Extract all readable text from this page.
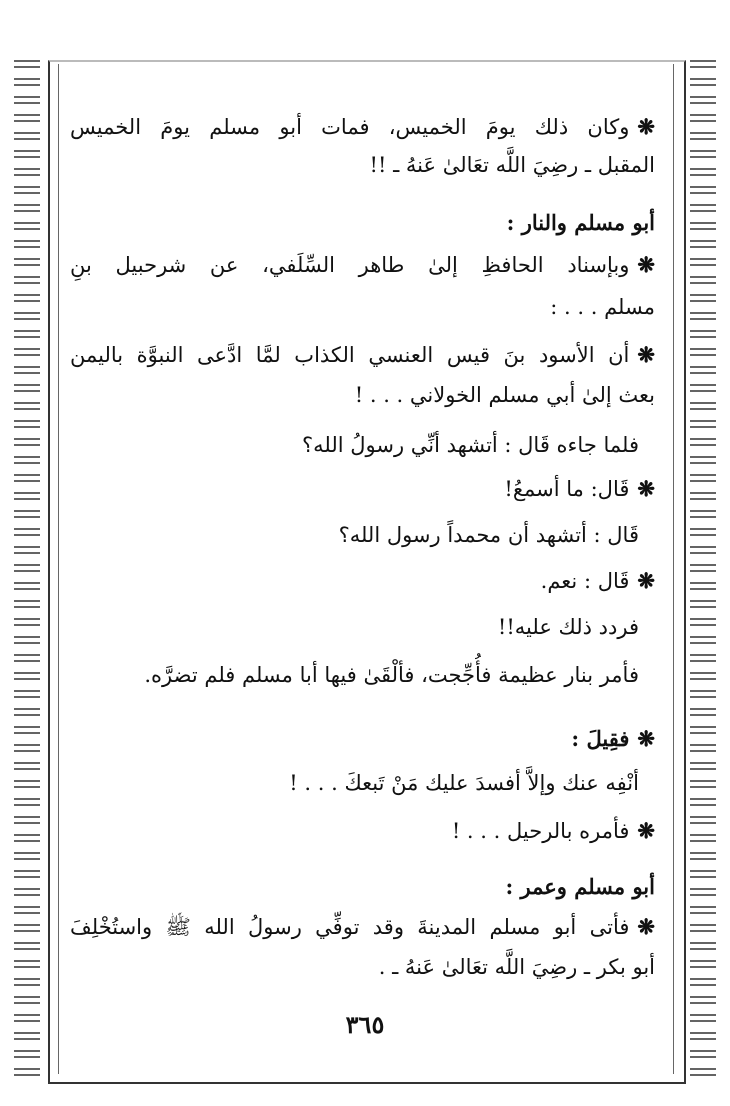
❋وكان ذلك يومَ الخميس، فمات أبو مسلم يومَ الخميس
المقبل ـ رضِيَ اللَّه تعَالىٰ عَنهُ ـ !!
أبو مسلم والنار :
❋وبإسناد الحافظِ إلىٰ طاهر السِّلَفي، عن شرحبيل بنِ
مسلم . . . :
❋أن الأسود بنَ قيس العنسي الكذاب لمَّا ادَّعى النبوَّة باليمن
بعث إلىٰ أبي مسلم الخولاني . . . !
فلما جاءه قَال : أتشهد أنِّي رسولُ الله؟
❋قَال: ما أسمعُ!
قَال : أتشهد أن محمداً رسول الله؟
❋قَال : نعم.
فردد ذلك عليه!!
فأمر بنار عظيمة فأُجِّجت، فألْقَىٰ فيها أبا مسلم فلم تضرَّه.
❋فقِيلَ :
أنْفِه عنك وإلاَّ أفسدَ عليك مَنْ تَبعكَ . . . !
❋فأمره بالرحيل . . . !
أبو مسلم وعمر :
❋فأتى أبو مسلم المدينةَ وقد توفِّي رسولُ الله ﷺ واستُخْلِفَ
أبو بكر ـ رضِيَ اللَّه تعَالىٰ عَنهُ ـ .
٣٦٥
